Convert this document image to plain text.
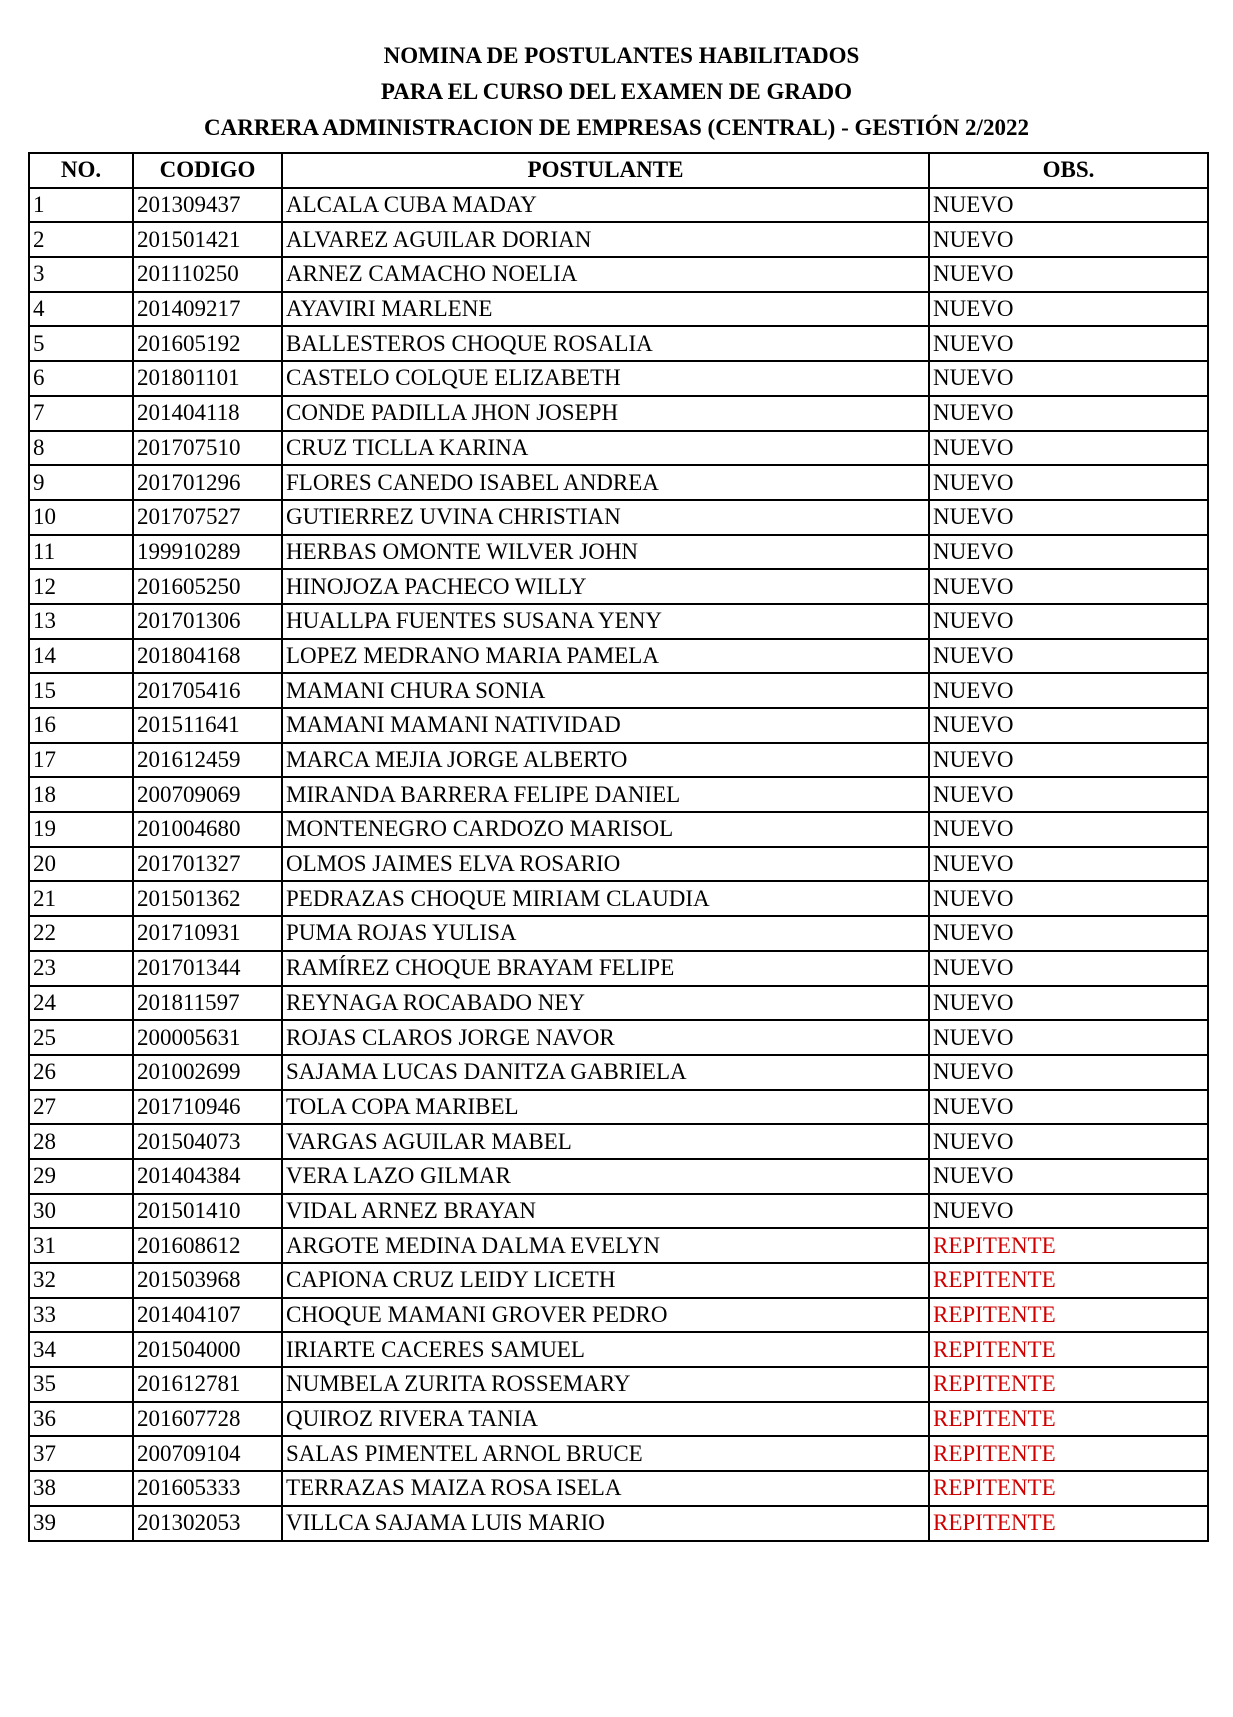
NOMINA DE POSTULANTES HABILITADOS
PARA EL CURSO DEL EXAMEN DE GRADO
CARRERA ADMINISTRACION DE EMPRESAS (CENTRAL) - GESTIÓN 2/2022
NO.	CODIGO	POSTULANTE	OBS.
1	201309437	ALCALA CUBA MADAY	NUEVO
2	201501421	ALVAREZ AGUILAR DORIAN	NUEVO
3	201110250	ARNEZ CAMACHO NOELIA	NUEVO
4	201409217	AYAVIRI MARLENE	NUEVO
5	201605192	BALLESTEROS CHOQUE ROSALIA	NUEVO
6	201801101	CASTELO COLQUE ELIZABETH	NUEVO
7	201404118	CONDE PADILLA JHON JOSEPH	NUEVO
8	201707510	CRUZ TICLLA KARINA	NUEVO
9	201701296	FLORES CANEDO ISABEL ANDREA	NUEVO
10	201707527	GUTIERREZ UVINA CHRISTIAN	NUEVO
11	199910289	HERBAS OMONTE WILVER JOHN	NUEVO
12	201605250	HINOJOZA PACHECO WILLY	NUEVO
13	201701306	HUALLPA FUENTES SUSANA YENY	NUEVO
14	201804168	LOPEZ MEDRANO MARIA PAMELA	NUEVO
15	201705416	MAMANI CHURA SONIA	NUEVO
16	201511641	MAMANI MAMANI NATIVIDAD	NUEVO
17	201612459	MARCA MEJIA JORGE ALBERTO	NUEVO
18	200709069	MIRANDA BARRERA FELIPE DANIEL	NUEVO
19	201004680	MONTENEGRO CARDOZO MARISOL	NUEVO
20	201701327	OLMOS JAIMES ELVA ROSARIO	NUEVO
21	201501362	PEDRAZAS CHOQUE MIRIAM CLAUDIA	NUEVO
22	201710931	PUMA ROJAS YULISA	NUEVO
23	201701344	RAMÍREZ CHOQUE BRAYAM FELIPE	NUEVO
24	201811597	REYNAGA ROCABADO NEY	NUEVO
25	200005631	ROJAS CLAROS JORGE NAVOR	NUEVO
26	201002699	SAJAMA LUCAS DANITZA GABRIELA	NUEVO
27	201710946	TOLA COPA MARIBEL	NUEVO
28	201504073	VARGAS AGUILAR MABEL	NUEVO
29	201404384	VERA LAZO GILMAR	NUEVO
30	201501410	VIDAL ARNEZ BRAYAN	NUEVO
31	201608612	ARGOTE MEDINA DALMA EVELYN	REPITENTE
32	201503968	CAPIONA CRUZ LEIDY LICETH	REPITENTE
33	201404107	CHOQUE MAMANI GROVER PEDRO	REPITENTE
34	201504000	IRIARTE CACERES SAMUEL	REPITENTE
35	201612781	NUMBELA ZURITA ROSSEMARY	REPITENTE
36	201607728	QUIROZ RIVERA TANIA	REPITENTE
37	200709104	SALAS PIMENTEL ARNOL BRUCE	REPITENTE
38	201605333	TERRAZAS MAIZA ROSA ISELA	REPITENTE
39	201302053	VILLCA SAJAMA LUIS MARIO	REPITENTE
